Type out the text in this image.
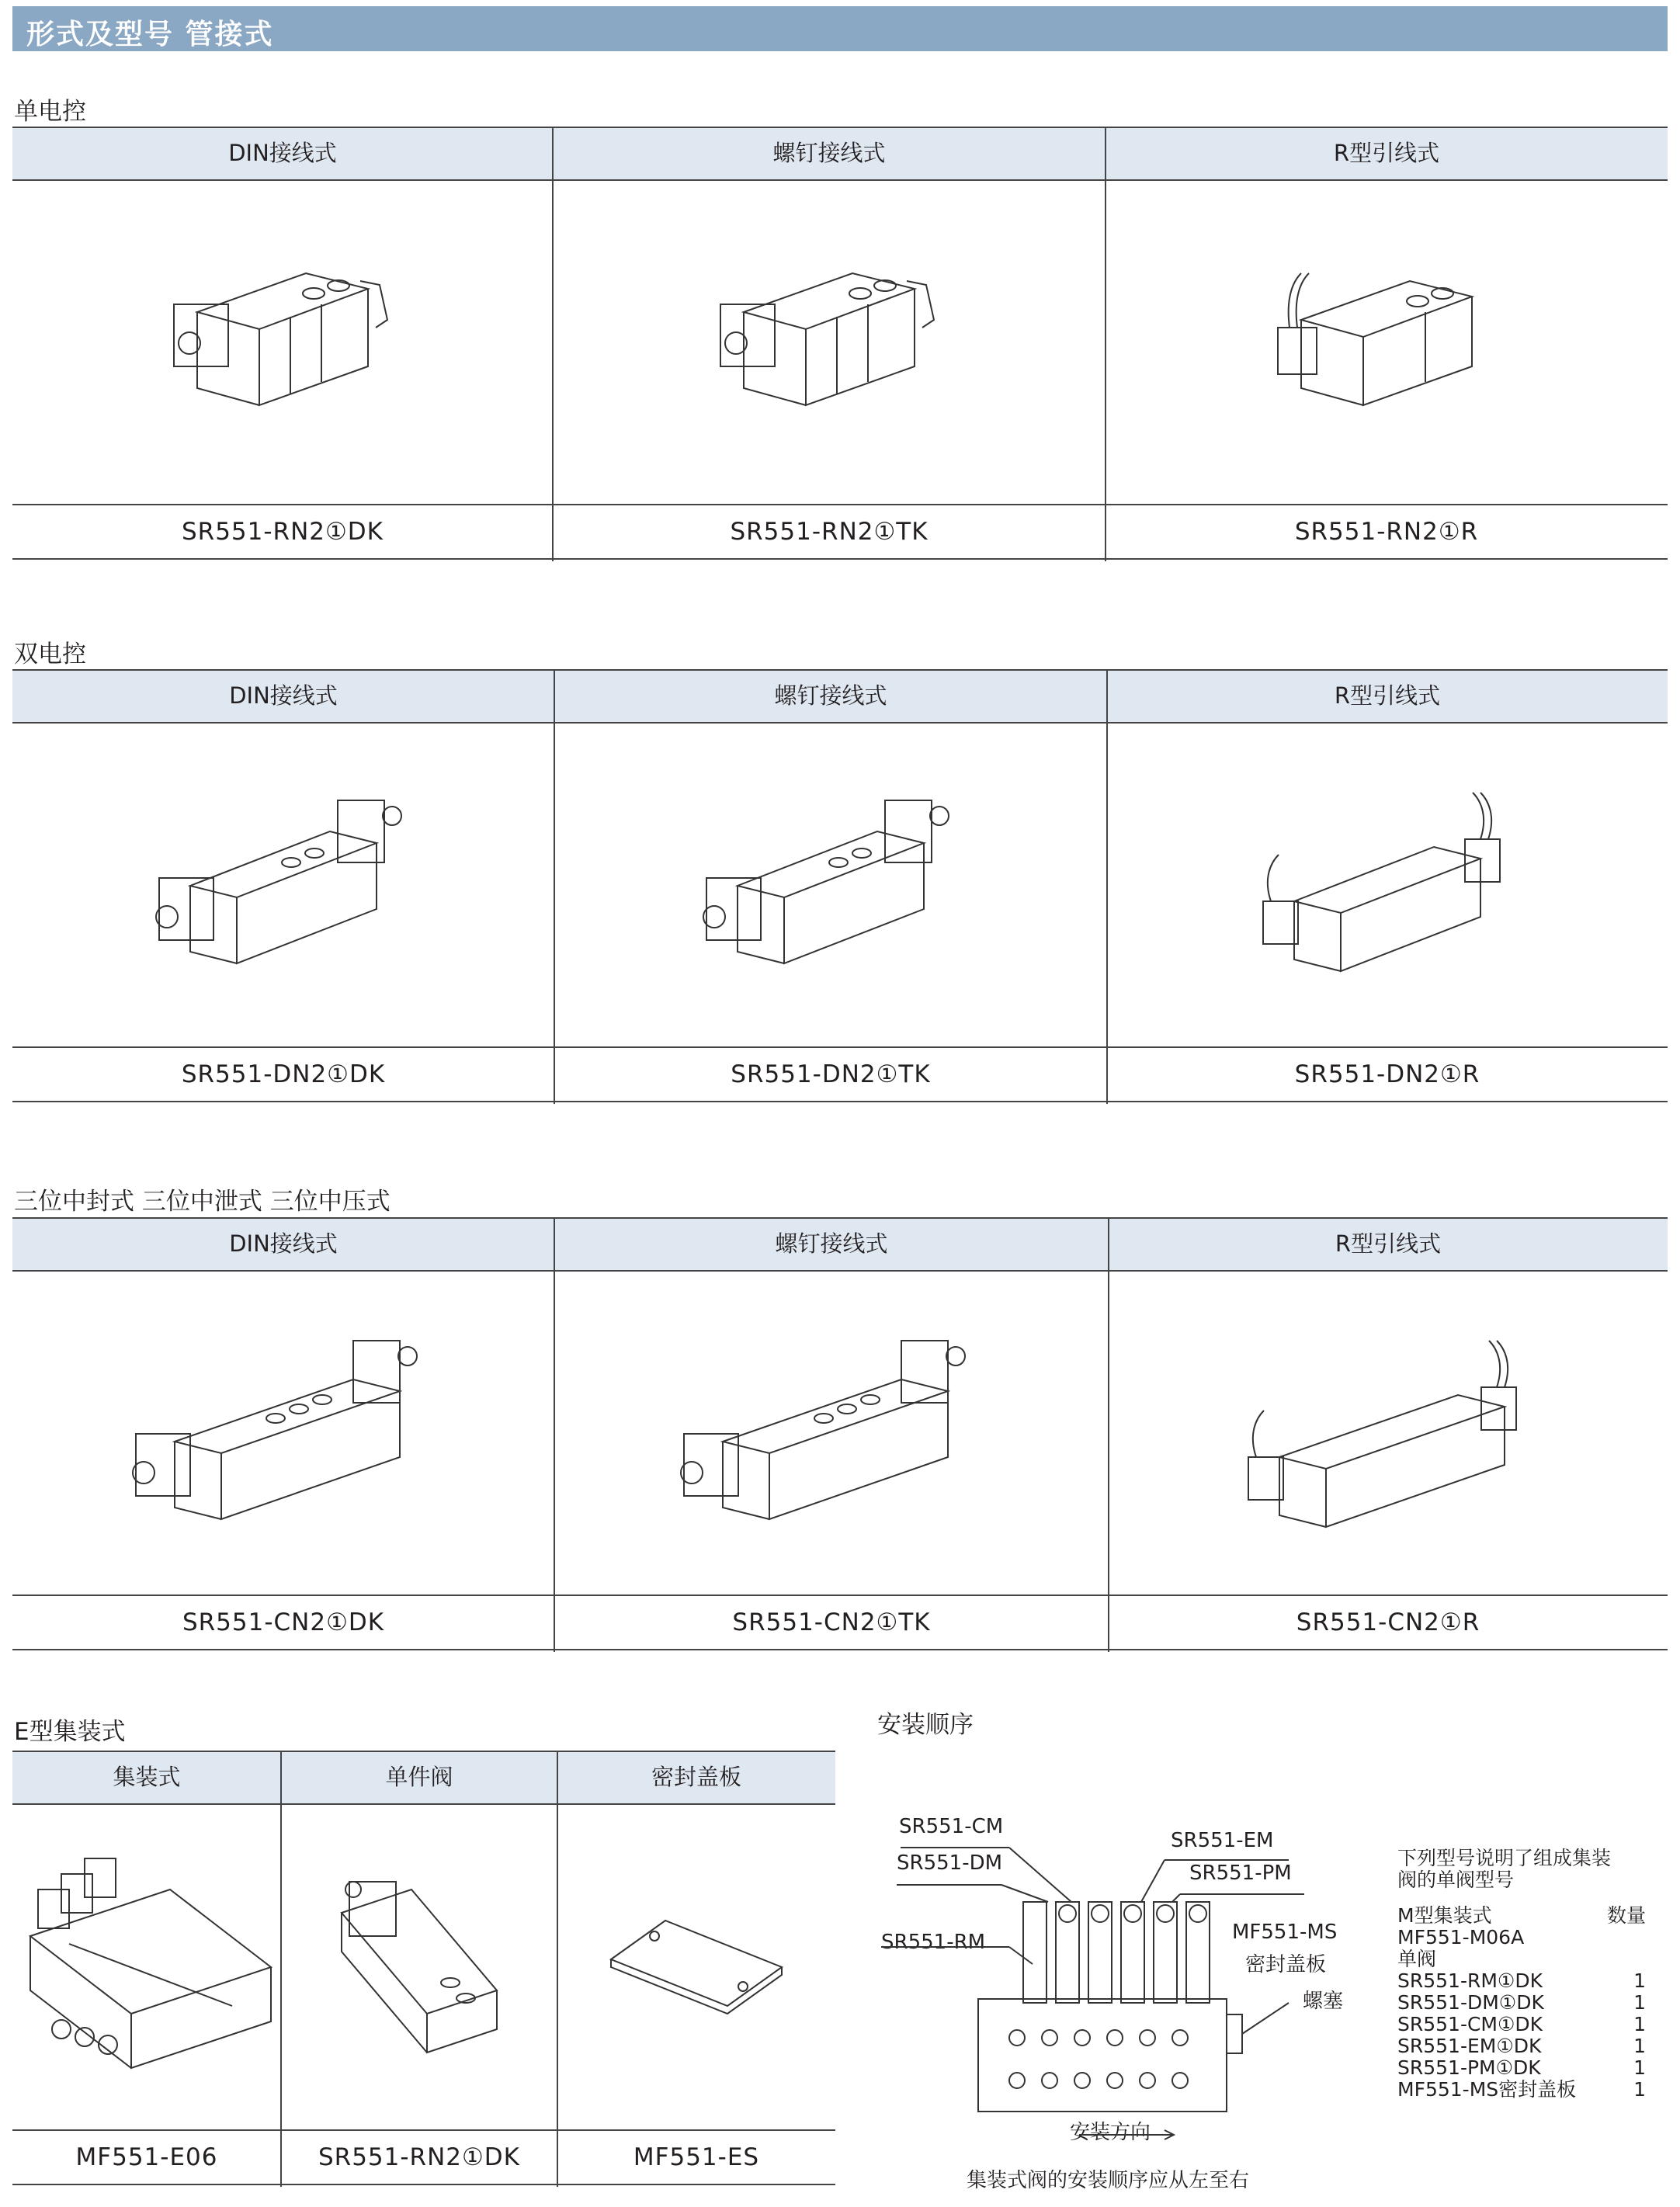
形式及型号 管接式
单电控
DIN接线式	螺钉接线式	R型引线式
SR551-RN2①DK	SR551-RN2①TK	SR551-RN2①R
双电控
DIN接线式	螺钉接线式	R型引线式
SR551-DN2①DK	SR551-DN2①TK	SR551-DN2①R
三位中封式 三位中泄式 三位中压式
DIN接线式	螺钉接线式	R型引线式
SR551-CN2①DK	SR551-CN2①TK	SR551-CN2①R
E型集装式
集装式	单件阀	密封盖板
MF551-E06	SR551-RN2①DK	MF551-ES
安装顺序
SR551-CM
SR551-DM
SR551-RM
SR551-EM
SR551-PM
MF551-MS
密封盖板
螺塞
安装方向
集装式阀的安装顺序应从左至右
下列型号说明了组成集装
阀的单阀型号
M型集装式	数量
MF551-M06A
单阀
SR551-RM①DK	1
SR551-DM①DK	1
SR551-CM①DK	1
SR551-EM①DK	1
SR551-PM①DK	1
MF551-MS密封盖板	1
